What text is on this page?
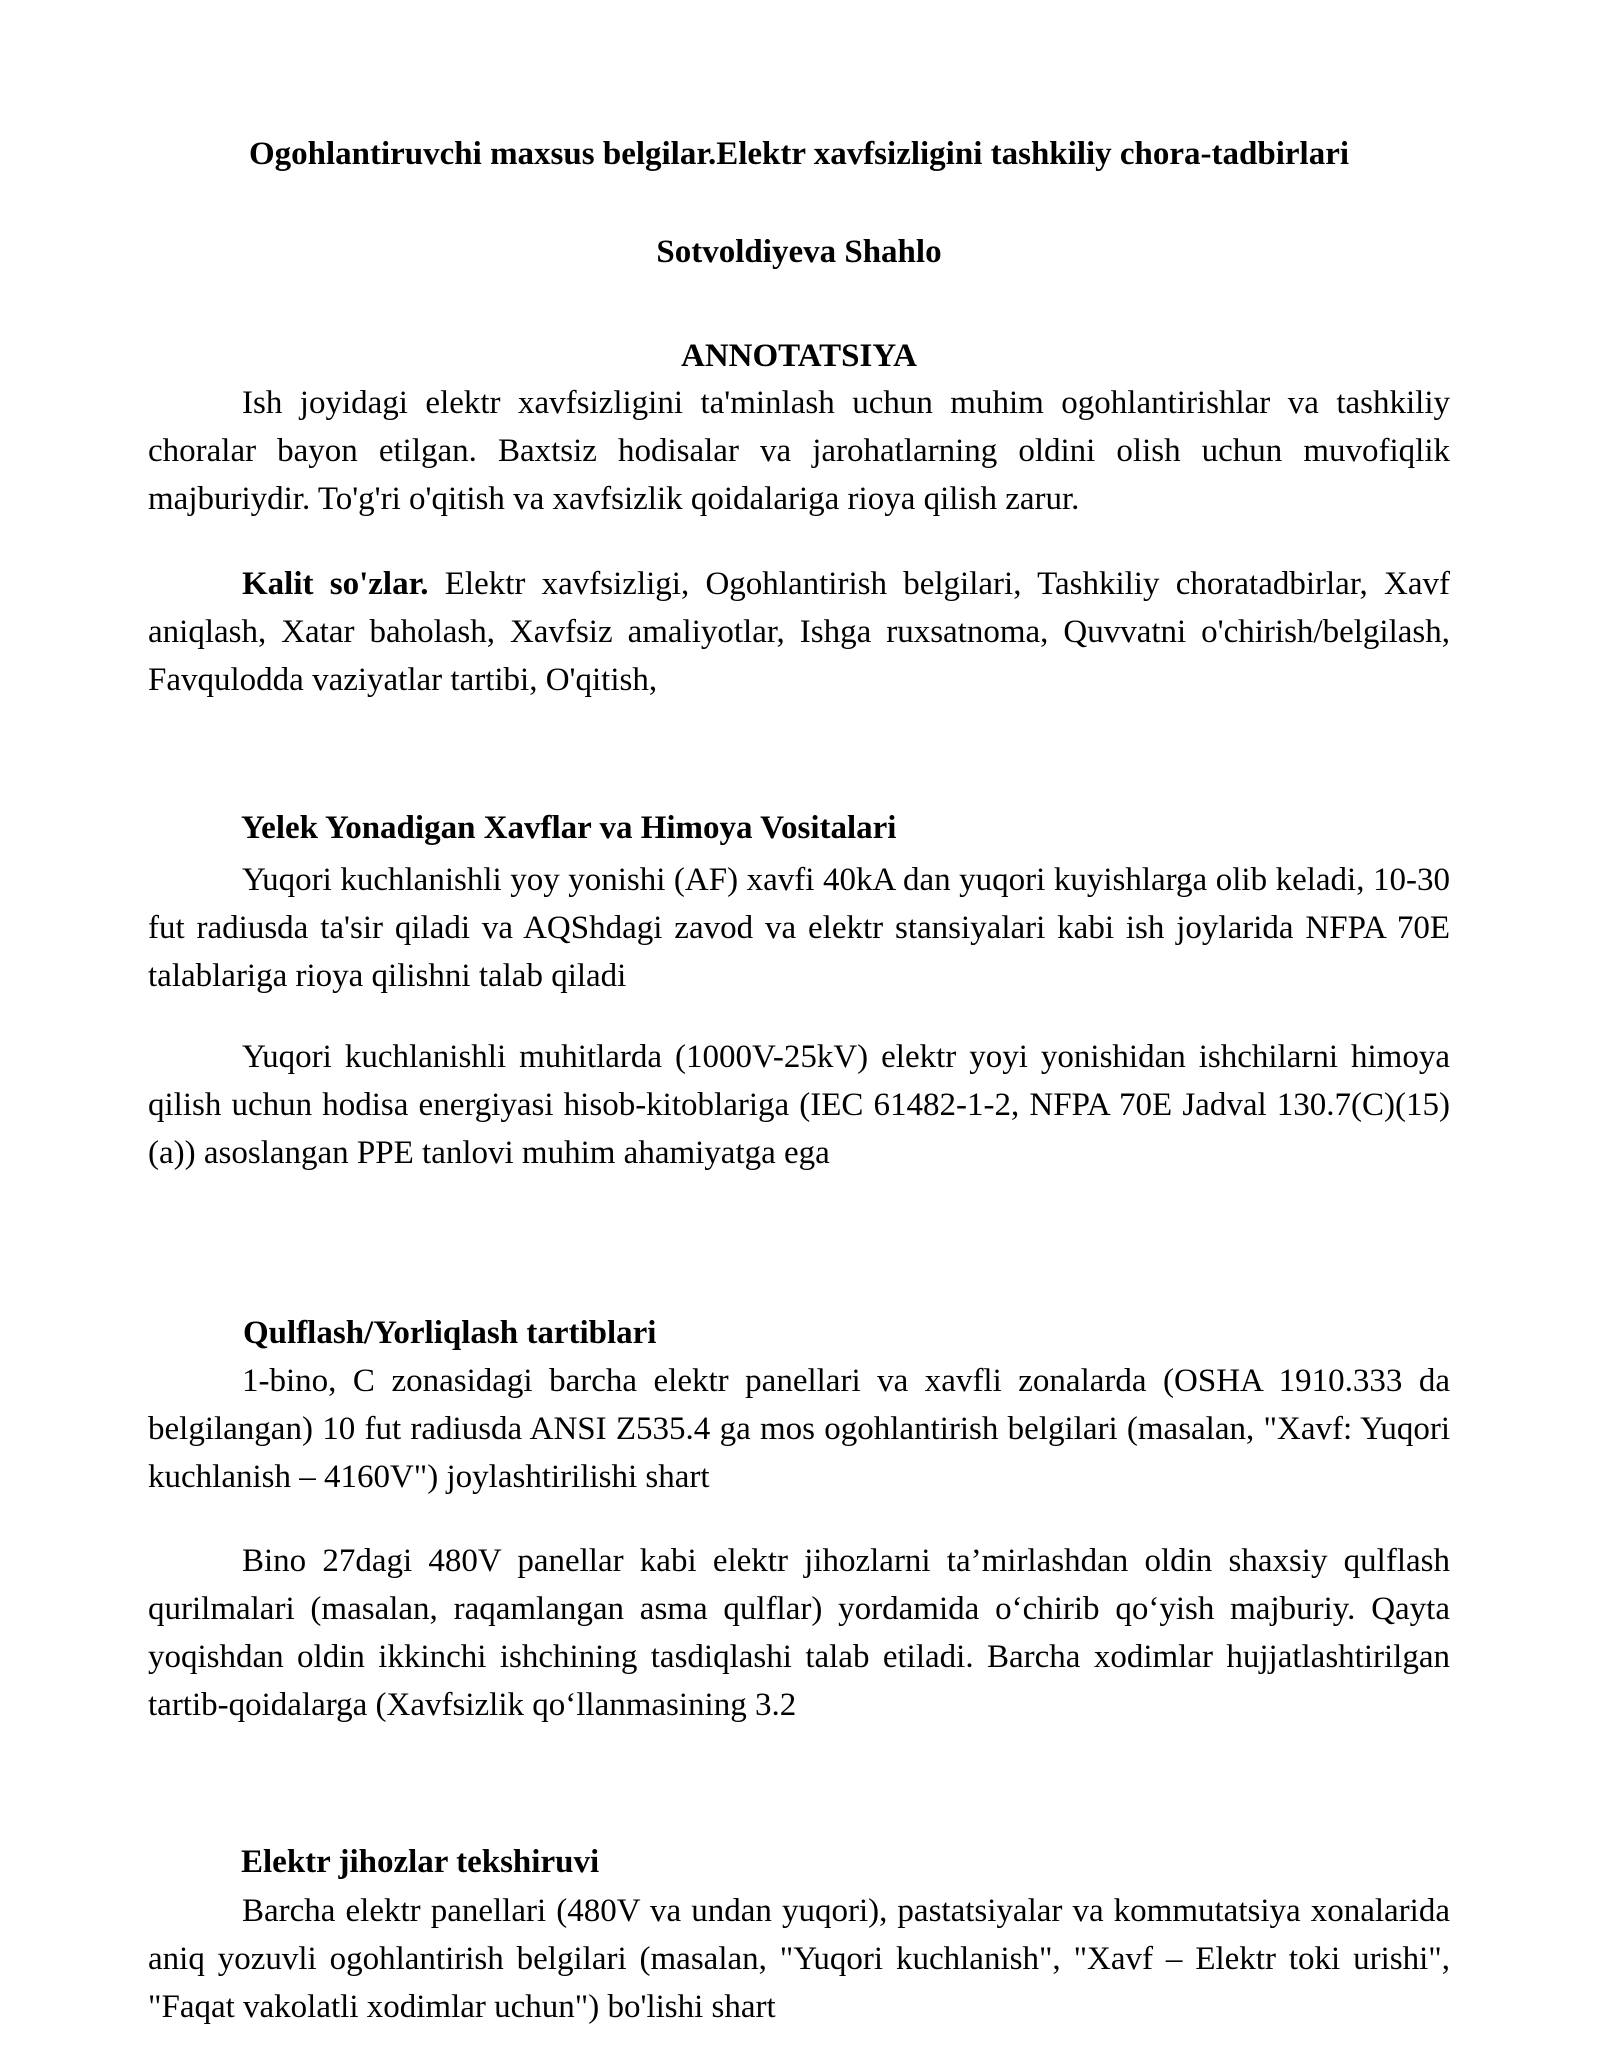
Ogohlantiruvchi maxsus belgilar.Elektr xavfsizligini tashkiliy chora-tadbirlari

Sotvoldiyeva Shahlo

ANNOTATSIYA

Ish joyidagi elektr xavfsizligini ta'minlash uchun muhim ogohlantirishlar va tashkiliy choralar bayon etilgan. Baxtsiz hodisalar va jarohatlarning oldini olish uchun muvofiqlik majburiydir. To'g'ri o'qitish va xavfsizlik qoidalariga rioya qilish zarur.

Kalit so'zlar. Elektr xavfsizligi, Ogohlantirish belgilari, Tashkiliy choratadbirlar, Xavf aniqlash, Xatar baholash, Xavfsiz amaliyotlar, Ishga ruxsatnoma, Quvvatni o'chirish/belgilash, Favqulodda vaziyatlar tartibi, O'qitish,

Yelek Yonadigan Xavflar va Himoya Vositalari

Yuqori kuchlanishli yoy yonishi (AF) xavfi 40kA dan yuqori kuyishlarga olib keladi, 10-30 fut radiusda ta'sir qiladi va AQShdagi zavod va elektr stansiyalari kabi ish joylarida NFPA 70E talablariga rioya qilishni talab qiladi

Yuqori kuchlanishli muhitlarda (1000V-25kV) elektr yoyi yonishidan ishchilarni himoya qilish uchun hodisa energiyasi hisob-kitoblariga (IEC 61482-1-2, NFPA 70E Jadval 130.7(C)(15)(a)) asoslangan PPE tanlovi muhim ahamiyatga ega

Qulflash/Yorliqlash tartiblari

1-bino, C zonasidagi barcha elektr panellari va xavfli zonalarda (OSHA 1910.333 da belgilangan) 10 fut radiusda ANSI Z535.4 ga mos ogohlantirish belgilari (masalan, "Xavf: Yuqori kuchlanish – 4160V") joylashtirilishi shart

Bino 27dagi 480V panellar kabi elektr jihozlarni ta’mirlashdan oldin shaxsiy qulflash qurilmalari (masalan, raqamlangan asma qulflar) yordamida o‘chirib qo‘yish majburiy. Qayta yoqishdan oldin ikkinchi ishchining tasdiqlashi talab etiladi. Barcha xodimlar hujjatlashtirilgan tartib-qoidalarga (Xavfsizlik qo‘llanmasining 3.2

Elektr jihozlar tekshiruvi

Barcha elektr panellari (480V va undan yuqori), pastatsiyalar va kommutatsiya xonalarida aniq yozuvli ogohlantirish belgilari (masalan, "Yuqori kuchlanish", "Xavf – Elektr toki urishi", "Faqat vakolatli xodimlar uchun") bo'lishi shart
